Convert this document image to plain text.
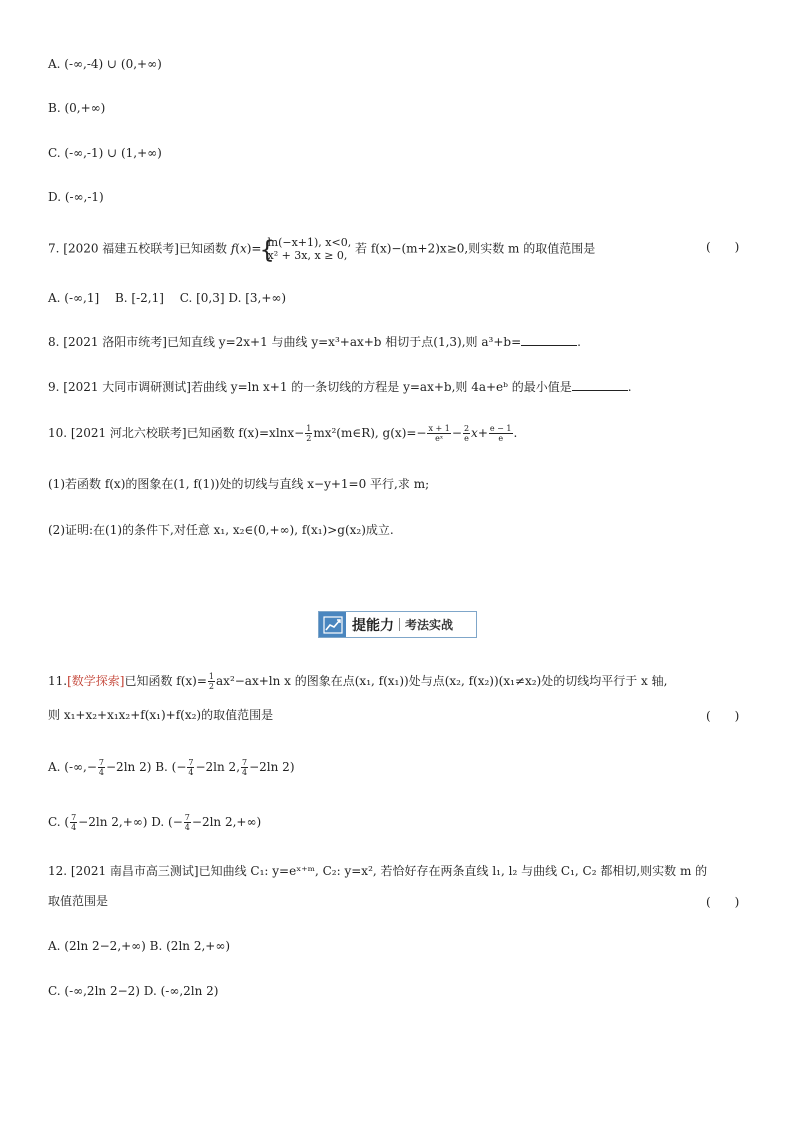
A. (-∞,-4) ∪ (0,+∞)
B. (0,+∞)
C. (-∞,-1) ∪ (1,+∞)
D. (-∞,-1)
7. [2020 福建五校联考]已知函数 f(x)=
{ ln(−x+1), x<0,
x² + 3x, x ≥ 0, 若 f(x)−(m+2)x≥0,则实数 m 的取值范围是	(　　)
A. (-∞,1]　 B. [-2,1]　 C. [0,3] D. [3,+∞)
8. [2021 洛阳市统考]已知直线 y=2x+1 与曲线 y=x³+ax+b 相切于点(1,3),则 a³+b=	.
9. [2021 大同市调研测试]若曲线 y=ln x+1 的一条切线的方程是 y=ax+b,则 4a+eᵇ 的最小值是	.
10. [2021 河北六校联考]已知函数 $f(x)=xlnx- \frac{1}{2}$ mx²(m∈R), $g(x)=- \frac{x + 1}{\text{eˣ}} - \frac{2}{e} x+ \frac{e - 1}{e}$ .
(1)若函数 f(x)的图象在(1, f(1))处的切线与直线 x−y+1=0 平行,求 m;
(2)证明:在(1)的条件下,对任意 x₁, x₂∈(0,+∞), f(x₁)>g(x₂)成立.
提能力 考法实战
11.[数学探索]已知函数 $f(x)= \frac{1}{2} ax^2-ax+\ln$ x 的图象在点(x₁, f(x₁))处与点(x₂, f(x₂))(x₁≠x₂)处的切线均平行于 x 轴,
则 x₁+x₂+x₁x₂+f(x₁)+f(x₂)的取值范围是	(　　)
A. (-∞,− $\frac{7}{4} -2\ln$ 2) B. (− $\frac{7}{4} -2\ln$ 2, $\frac{7}{4} -2\ln$ 2)
C. ( $\frac{7}{4} -2\ln$ 2,+∞) D. (− $\frac{7}{4} -2\ln$ 2,+∞)
12. [2021 南昌市高三测试]已知曲线 C₁: y=eˣ⁺ᵐ, C₂: y=x², 若恰好存在两条直线 l₁, l₂ 与曲线 C₁, C₂ 都相切,则实数 m 的
取值范围是	(　　)
A. (2ln 2−2,+∞) B. (2ln 2,+∞)
C. (-∞,2ln 2−2) D. (-∞,2ln 2)
